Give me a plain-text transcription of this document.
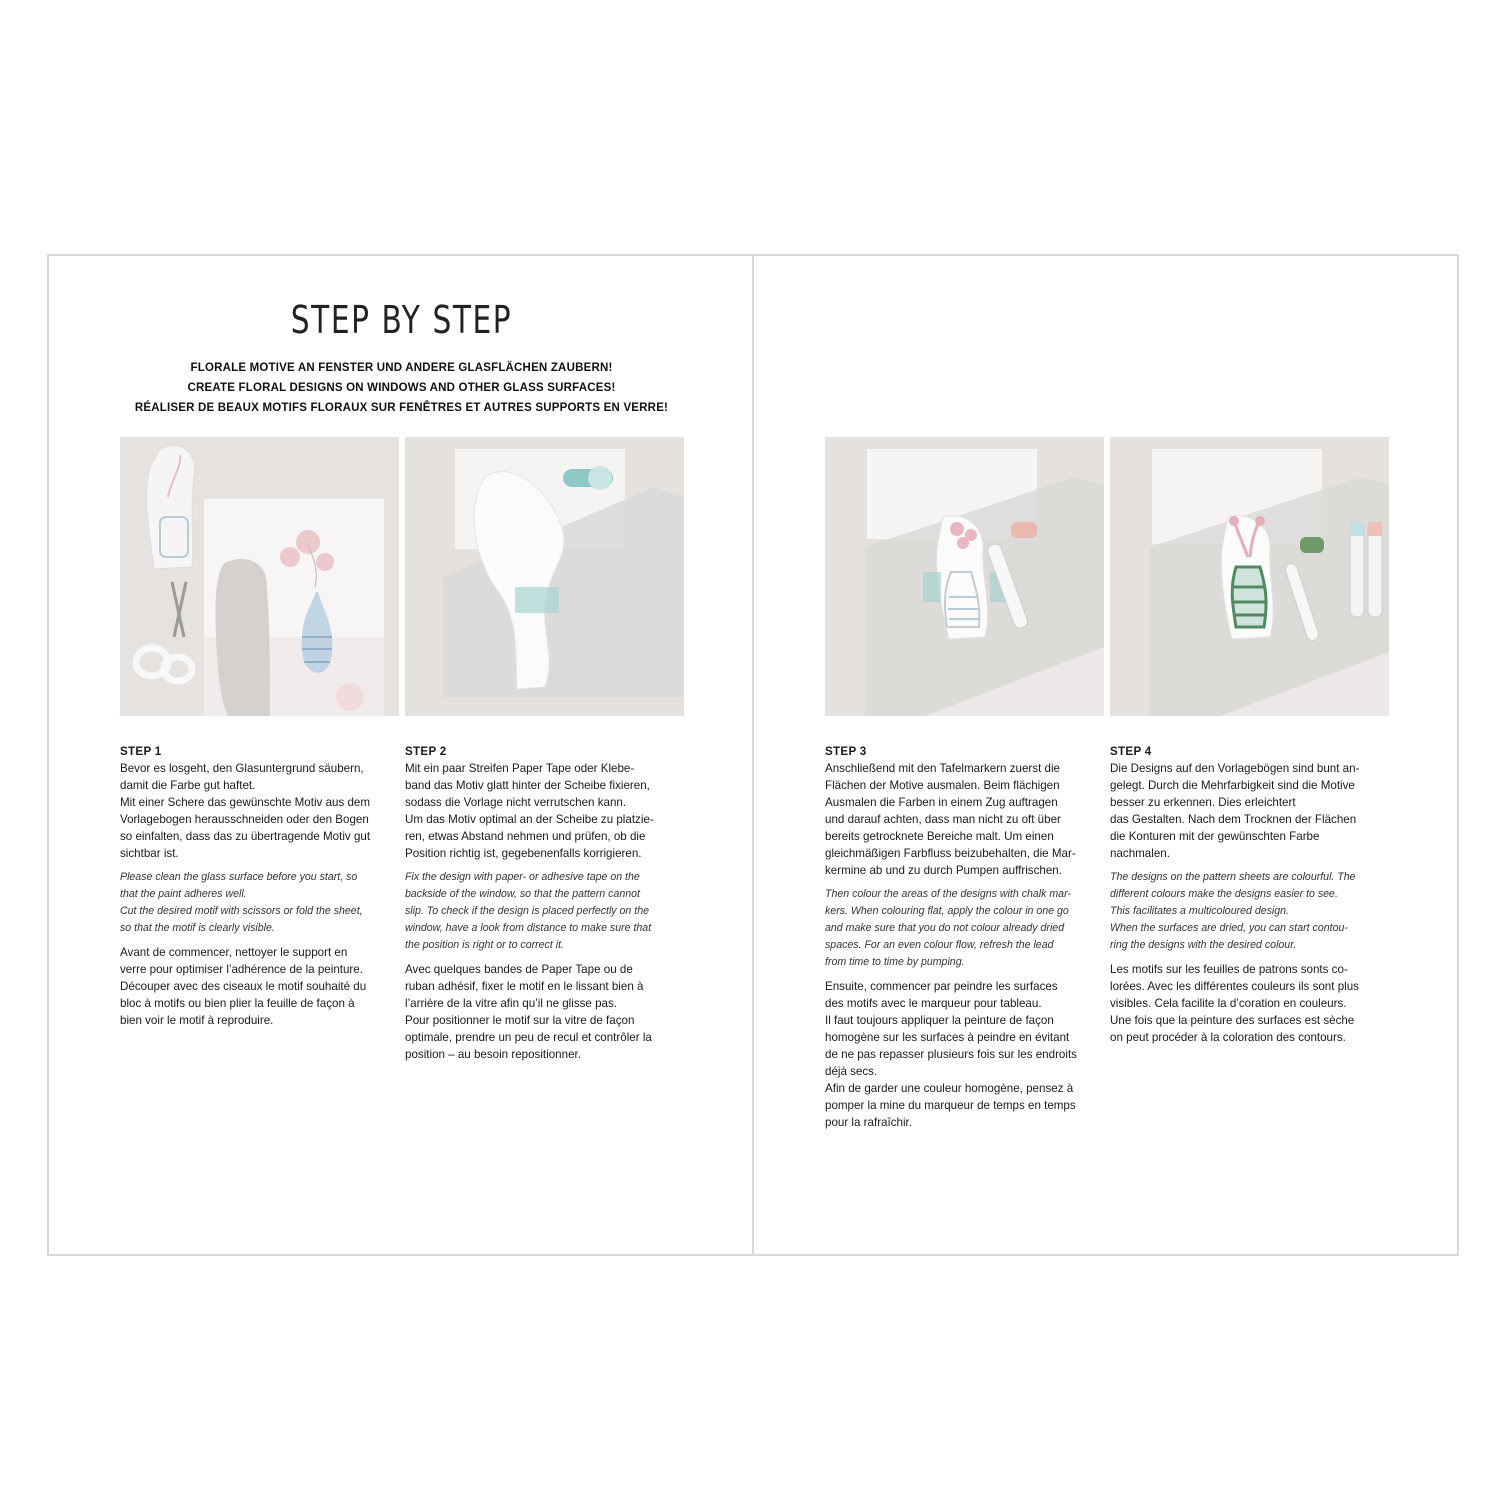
STEP BY STEP
FLORALE MOTIVE AN FENSTER UND ANDERE GLASFLÄCHEN ZAUBERN!
CREATE FLORAL DESIGNS ON WINDOWS AND OTHER GLASS SURFACES!
RÉALISER DE BEAUX MOTIFS FLORAUX SUR FENÊTRES ET AUTRES SUPPORTS EN VERRE!
STEP 1

Bevor es losgeht, den Glasuntergrund säubern,
damit die Farbe gut haftet.
Mit einer Schere das gewünschte Motiv aus dem
Vorlagebogen herausschneiden oder den Bogen
so einfalten, dass das zu übertragende Motiv gut
sichtbar ist.

Please clean the glass surface before you start, so
that the paint adheres well.
Cut the desired motif with scissors or fold the sheet,
so that the motif is clearly visible.

Avant de commencer, nettoyer le support en
verre pour optimiser l’adhérence de la peinture.
Découper avec des ciseaux le motif souhaité du
bloc à motifs ou bien plier la feuille de façon à
bien voir le motif à reproduire.

STEP 2

Mit ein paar Streifen Paper Tape oder Klebe-
band das Motiv glatt hinter der Scheibe fixieren,
sodass die Vorlage nicht verrutschen kann.
Um das Motiv optimal an der Scheibe zu platzie-
ren, etwas Abstand nehmen und prüfen, ob die
Position richtig ist, gegebenenfalls korrigieren.

Fix the design with paper- or adhesive tape on the
backside of the window, so that the pattern cannot
slip. To check if the design is placed perfectly on the
window, have a look from distance to make sure that
the position is right or to correct it.

Avec quelques bandes de Paper Tape ou de
ruban adhésif, fixer le motif en le lissant bien à
l’arrière de la vitre afin qu’il ne glisse pas.
Pour positionner le motif sur la vitre de façon
optimale, prendre un peu de recul et contrôler la
position – au besoin repositionner.

STEP 3

Anschließend mit den Tafelmarkern zuerst die
Flächen der Motive ausmalen. Beim flächigen
Ausmalen die Farben in einem Zug auftragen
und darauf achten, dass man nicht zu oft über
bereits getrocknete Bereiche malt. Um einen
gleichmäßigen Farbfluss beizubehalten, die Mar-
kermine ab und zu durch Pumpen auffrischen.

Then colour the areas of the designs with chalk mar-
kers. When colouring flat, apply the colour in one go
and make sure that you do not colour already dried
spaces. For an even colour flow, refresh the lead
from time to time by pumping.

Ensuite, commencer par peindre les surfaces
des motifs avec le marqueur pour tableau.
Il faut toujours appliquer la peinture de façon
homogène sur les surfaces à peindre en évitant
de ne pas repasser plusieurs fois sur les endroits
déjà secs.
Afin de garder une couleur homogène, pensez à
pomper la mine du marqueur de temps en temps
pour la rafraîchir.

STEP 4

Die Designs auf den Vorlagebögen sind bunt an-
gelegt. Durch die Mehrfarbigkeit sind die Motive
besser zu erkennen. Dies erleichtert
das Gestalten. Nach dem Trocknen der Flächen
die Konturen mit der gewünschten Farbe
nachmalen.

The designs on the pattern sheets are colourful. The
different colours make the designs easier to see.
This facilitates a multicoloured design.
When the surfaces are dried, you can start contou-
ring the designs with the desired colour.

Les motifs sur les feuilles de patrons sonts co-
lorées. Avec les différentes couleurs ils sont plus
visibles. Cela facilite la d’coration en couleurs.
Une fois que la peinture des surfaces est sèche
on peut procéder à la coloration des contours.
